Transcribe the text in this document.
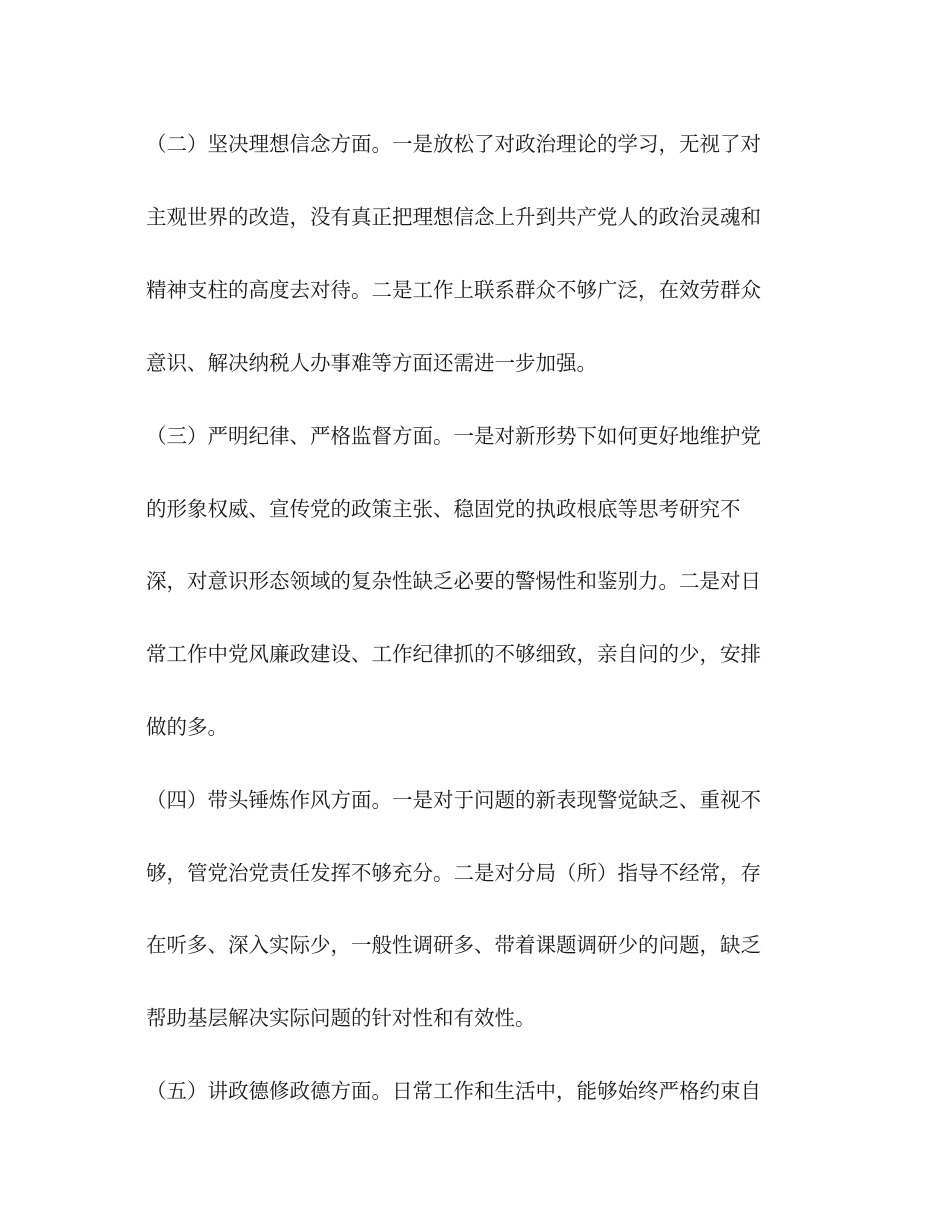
（二）坚决理想信念方面。一是放松了对政治理论的学习，无视了对
主观世界的改造，没有真正把理想信念上升到共产党人的政治灵魂和
精神支柱的高度去对待。二是工作上联系群众不够广泛，在效劳群众
意识、解决纳税人办事难等方面还需进一步加强。
（三）严明纪律、严格监督方面。一是对新形势下如何更好地维护党
的形象权威、宣传党的政策主张、稳固党的执政根底等思考研究不
深，对意识形态领域的复杂性缺乏必要的警惕性和鉴别力。二是对日
常工作中党风廉政建设、工作纪律抓的不够细致，亲自问的少，安排
做的多。
（四）带头锤炼作风方面。一是对于问题的新表现警觉缺乏、重视不
够，管党治党责任发挥不够充分。二是对分局（所）指导不经常，存
在听多、深入实际少，一般性调研多、带着课题调研少的问题，缺乏
帮助基层解决实际问题的针对性和有效性。
（五）讲政德修政德方面。日常工作和生活中，能够始终严格约束自
